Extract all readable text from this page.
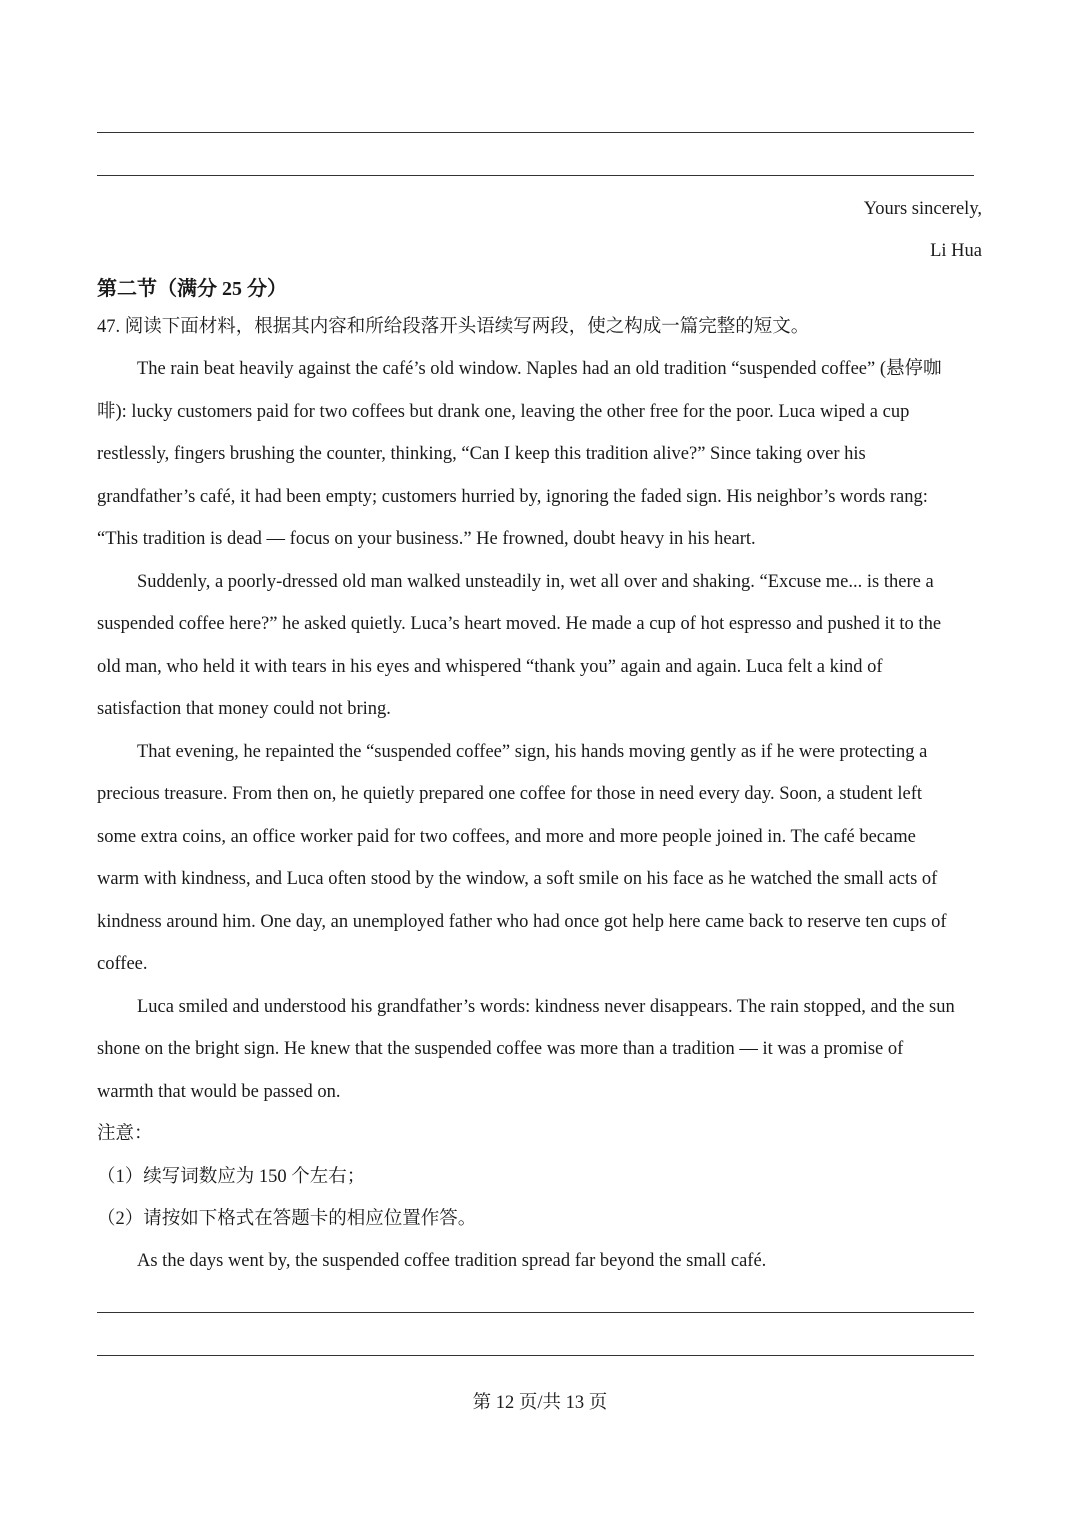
Yours sincerely,
Li Hua
第二节（满分 25 分）
47. 阅读下面材料，根据其内容和所给段落开头语续写两段，使之构成一篇完整的短文。
The rain beat heavily against the café’s old window. Naples had an old tradition “suspended coffee” (悬停咖
啡): lucky customers paid for two coffees but drank one, leaving the other free for the poor. Luca wiped a cup
restlessly, fingers brushing the counter, thinking, “Can I keep this tradition alive?” Since taking over his
grandfather’s café, it had been empty; customers hurried by, ignoring the faded sign. His neighbor’s words rang:
“This tradition is dead — focus on your business.” He frowned, doubt heavy in his heart.
Suddenly, a poorly-dressed old man walked unsteadily in, wet all over and shaking. “Excuse me... is there a
suspended coffee here?” he asked quietly. Luca’s heart moved. He made a cup of hot espresso and pushed it to the
old man, who held it with tears in his eyes and whispered “thank you” again and again. Luca felt a kind of
satisfaction that money could not bring.
That evening, he repainted the “suspended coffee” sign, his hands moving gently as if he were protecting a
precious treasure. From then on, he quietly prepared one coffee for those in need every day. Soon, a student left
some extra coins, an office worker paid for two coffees, and more and more people joined in. The café became
warm with kindness, and Luca often stood by the window, a soft smile on his face as he watched the small acts of
kindness around him. One day, an unemployed father who had once got help here came back to reserve ten cups of
coffee.
Luca smiled and understood his grandfather’s words: kindness never disappears. The rain stopped, and the sun
shone on the bright sign. He knew that the suspended coffee was more than a tradition — it was a promise of
warmth that would be passed on.
注意：
（1）续写词数应为 150 个左右；
（2）请按如下格式在答题卡的相应位置作答。
As the days went by, the suspended coffee tradition spread far beyond the small café.
第 12 页/共 13 页
